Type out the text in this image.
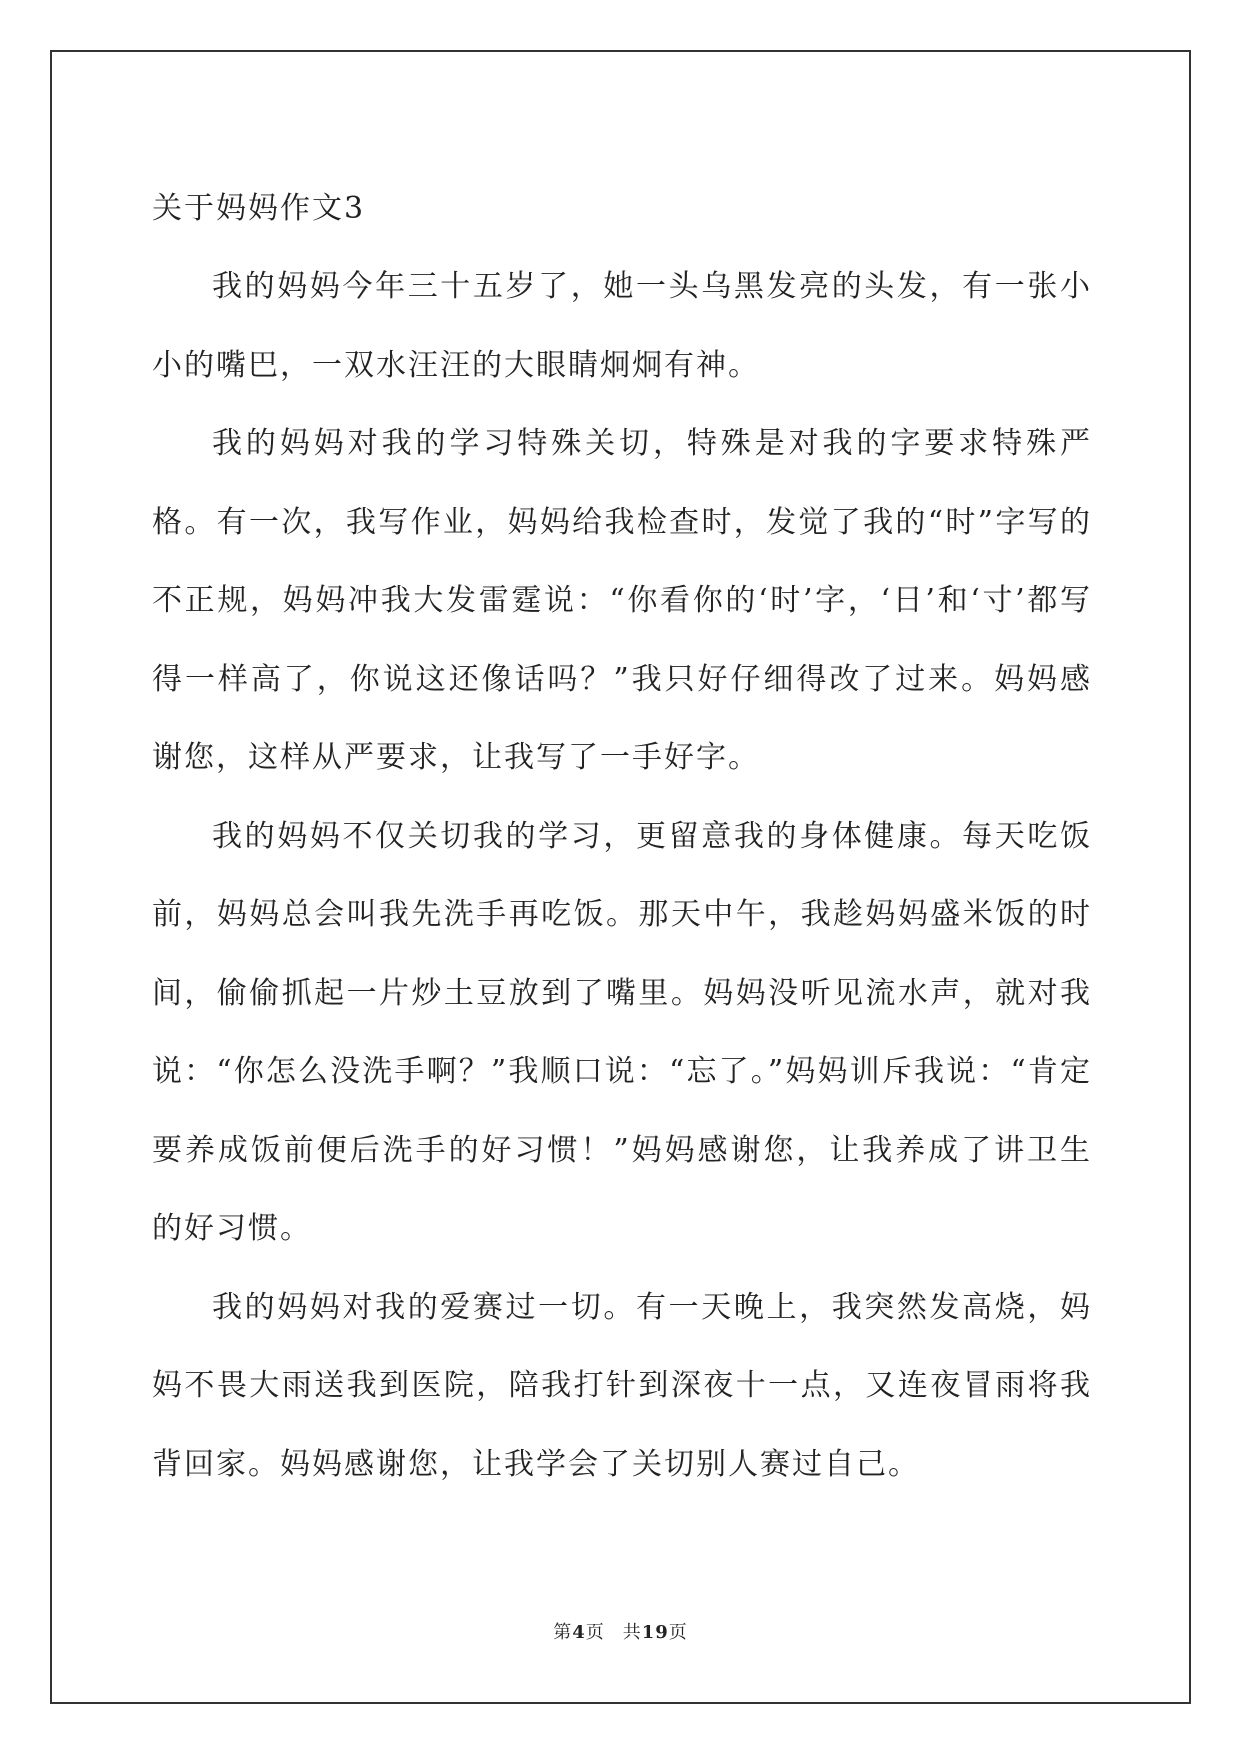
关于妈妈作文3

我的妈妈今年三十五岁了，她一头乌黑发亮的头发，有一张小小的嘴巴，一双水汪汪的大眼睛炯炯有神。

我的妈妈对我的学习特殊关切，特殊是对我的字要求特殊严格。有一次，我写作业，妈妈给我检查时，发觉了我的“时”字写的不正规，妈妈冲我大发雷霆说：“你看你的‘时’字，‘日’和‘寸’都写得一样高了，你说这还像话吗？”我只好仔细得改了过来。妈妈感谢您，这样从严要求，让我写了一手好字。

我的妈妈不仅关切我的学习，更留意我的身体健康。每天吃饭前，妈妈总会叫我先洗手再吃饭。那天中午，我趁妈妈盛米饭的时间，偷偷抓起一片炒土豆放到了嘴里。妈妈没听见流水声，就对我说：“你怎么没洗手啊？”我顺口说：“忘了。”妈妈训斥我说：“肯定要养成饭前便后洗手的好习惯！”妈妈感谢您，让我养成了讲卫生的好习惯。

我的妈妈对我的爱赛过一切。有一天晚上，我突然发高烧，妈妈不畏大雨送我到医院，陪我打针到深夜十一点，又连夜冒雨将我背回家。妈妈感谢您，让我学会了关切别人赛过自己。

第4页 共19页
